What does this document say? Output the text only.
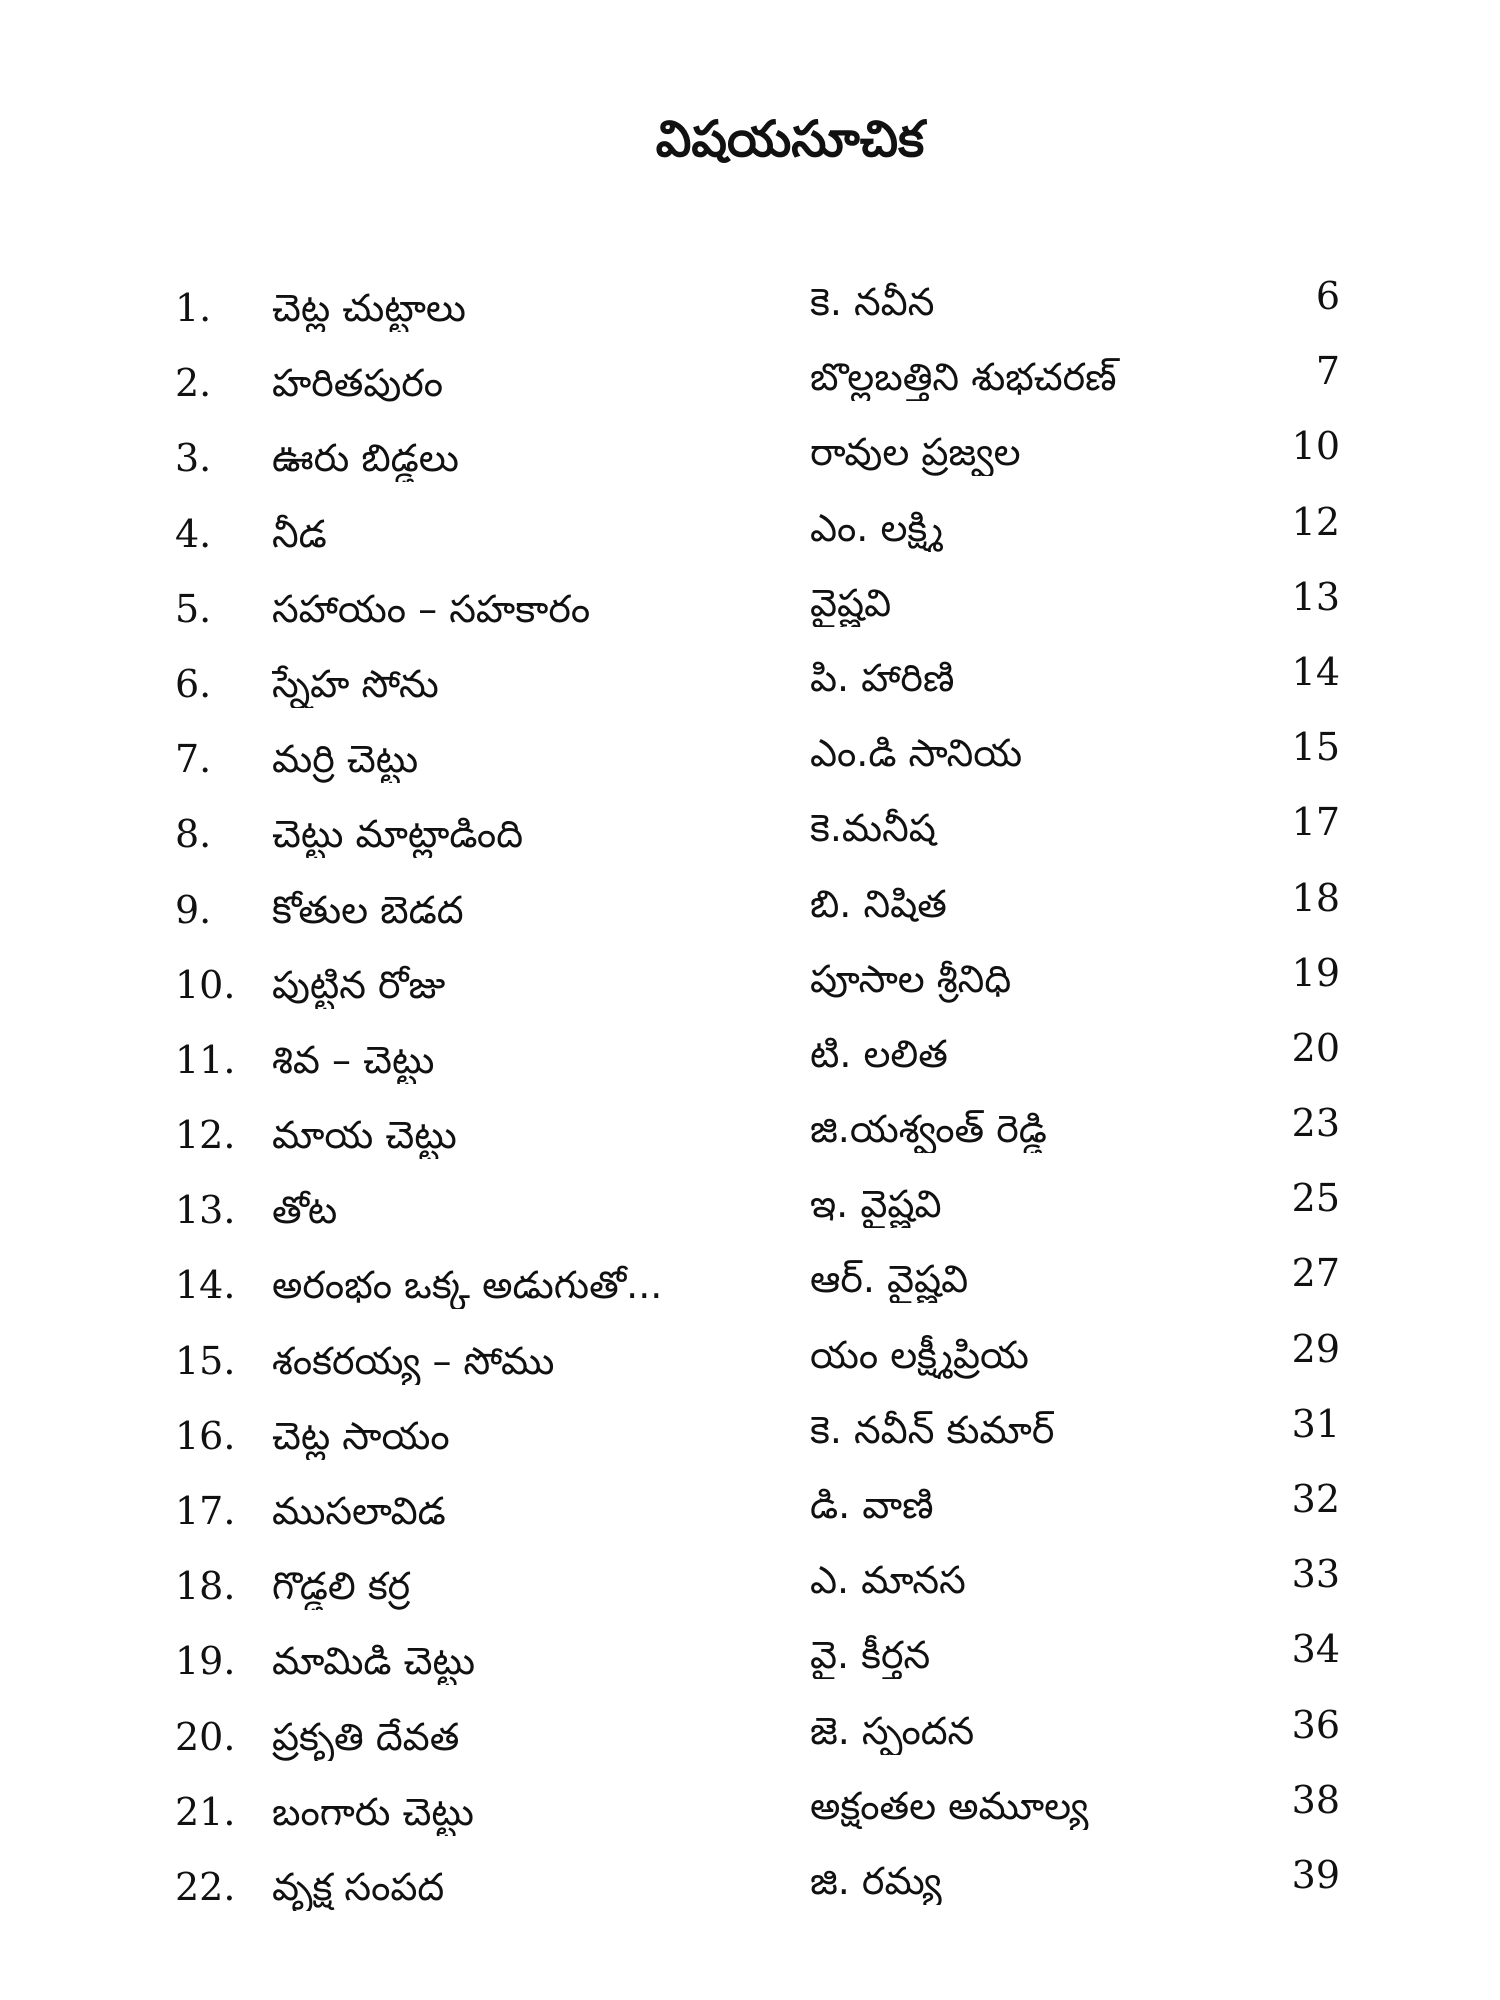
విషయసూచిక
1.	చెట్ల చుట్టాలు	కె. నవీన	6
2.	హరితపురం	బొల్లబత్తిని శుభచరణ్	7
3.	ఊరు బిడ్డలు	రావుల ప్రజ్వల	10
4.	నీడ	ఎం. లక్ష్మి	12
5.	సహాయం – సహకారం	వైష్ణవి	13
6.	స్నేహ సోను	పి. హారిణి	14
7.	మర్రి చెట్టు	ఎం.డి సానియ	15
8.	చెట్టు మాట్లాడింది	కె.మనీష	17
9.	కోతుల బెడద	బి. నిషిత	18
10. పుట్టిన రోజు	పూసాల శ్రీనిధి	19
11. శివ – చెట్టు	టి. లలిత	20
12. మాయ చెట్టు	జి.యశ్వంత్ రెడ్డి	23
13. తోట	ఇ. వైష్ణవి	25
14. అరంభం ఒక్క అడుగుతో...	ఆర్. వైష్ణవి	27
15. శంకరయ్య – సోము	యం లక్ష్మీప్రియ	29
16. చెట్ల సాయం	కె. నవీన్ కుమార్	31
17. ముసలావిడ	డి. వాణి	32
18. గొడ్డలి కర్ర	ఎ. మానస	33
19. మామిడి చెట్టు	వై. కీర్తన	34
20. ప్రకృతి దేవత	జె. స్పందన	36
21. బంగారు చెట్టు	అక్షంతల అమూల్య	38
22. వృక్ష సంపద	జి. రమ్య	39
